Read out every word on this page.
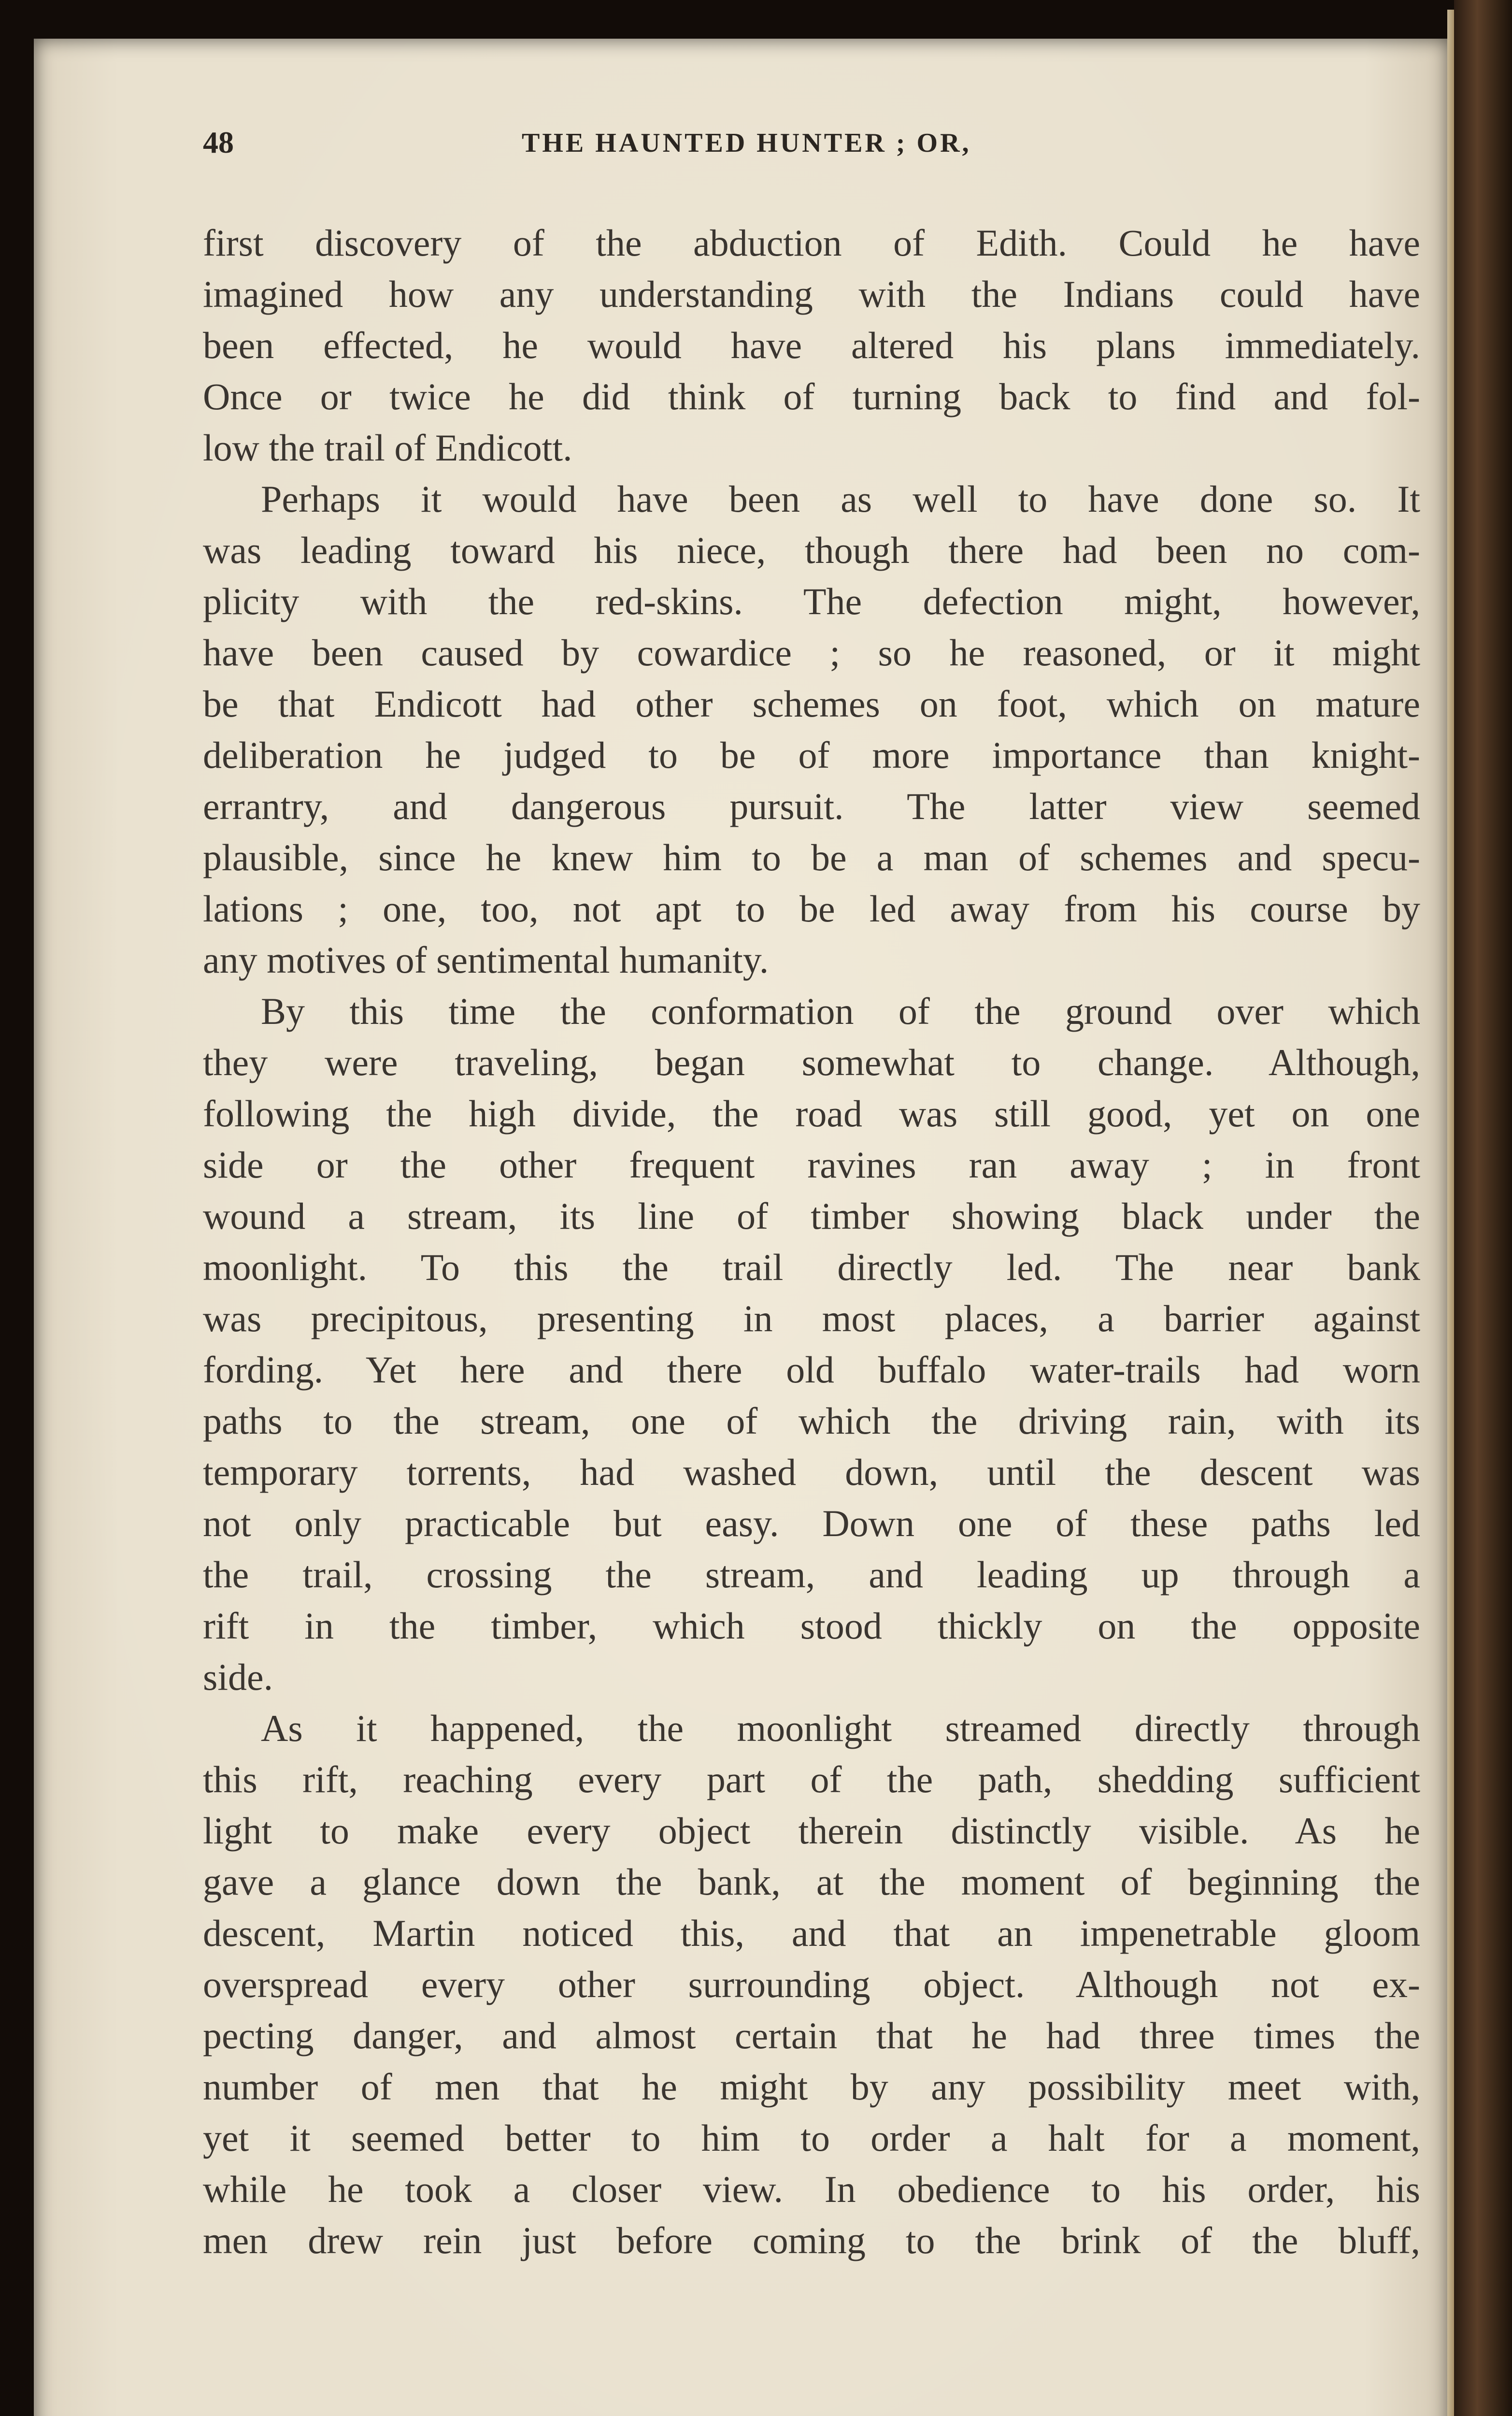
48	THE HAUNTED HUNTER ; OR,
first discovery of the abduction of Edith. Could he have
imagined how any understanding with the Indians could have
been effected, he would have altered his plans immediately.
Once or twice he did think of turning back to find and fol-
low the trail of Endicott.
Perhaps it would have been as well to have done so. It
was leading toward his niece, though there had been no com-
plicity with the red-skins. The defection might, however,
have been caused by cowardice ; so he reasoned, or it might
be that Endicott had other schemes on foot, which on mature
deliberation he judged to be of more importance than knight-
errantry, and dangerous pursuit. The latter view seemed
plausible, since he knew him to be a man of schemes and specu-
lations ; one, too, not apt to be led away from his course by
any motives of sentimental humanity.
By this time the conformation of the ground over which
they were traveling, began somewhat to change. Although,
following the high divide, the road was still good, yet on one
side or the other frequent ravines ran away ; in front
wound a stream, its line of timber showing black under the
moonlight. To this the trail directly led. The near bank
was precipitous, presenting in most places, a barrier against
fording. Yet here and there old buffalo water-trails had worn
paths to the stream, one of which the driving rain, with its
temporary torrents, had washed down, until the descent was
not only practicable but easy. Down one of these paths led
the trail, crossing the stream, and leading up through a
rift in the timber, which stood thickly on the opposite
side.
As it happened, the moonlight streamed directly through
this rift, reaching every part of the path, shedding sufficient
light to make every object therein distinctly visible. As he
gave a glance down the bank, at the moment of beginning the
descent, Martin noticed this, and that an impenetrable gloom
overspread every other surrounding object. Although not ex-
pecting danger, and almost certain that he had three times the
number of men that he might by any possibility meet with,
yet it seemed better to him to order a halt for a moment,
while he took a closer view. In obedience to his order, his
men drew rein just before coming to the brink of the bluff,
